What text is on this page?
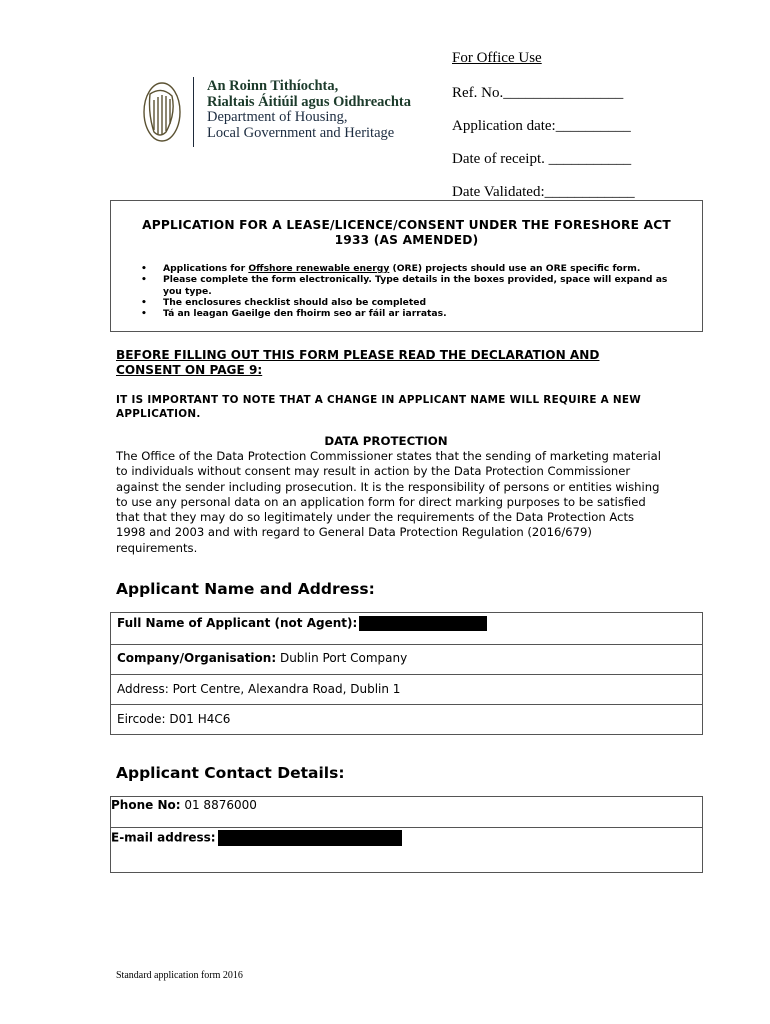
An Roinn Tithíochta,
Rialtais Áitiúil agus Oidhreachta
Department of Housing,
Local Government and Heritage
For Office Use
Ref. No.________________
Application date:__________
Date of receipt. ___________
Date Validated:____________
APPLICATION FOR A LEASE/LICENCE/CONSENT UNDER THE FORESHORE ACT
1933 (AS AMENDED)
• Applications for Offshore renewable energy (ORE) projects should use an ORE specific form.
• Please complete the form electronically. Type details in the boxes provided, space will expand as you type.
• The enclosures checklist should also be completed
• Tá an leagan Gaeilge den fhoirm seo ar fáil ar iarratas.
BEFORE FILLING OUT THIS FORM PLEASE READ THE DECLARATION AND CONSENT ON PAGE 9:
IT IS IMPORTANT TO NOTE THAT A CHANGE IN APPLICANT NAME WILL REQUIRE A NEW APPLICATION.
DATA PROTECTION
The Office of the Data Protection Commissioner states that the sending of marketing material to individuals without consent may result in action by the Data Protection Commissioner against the sender including prosecution. It is the responsibility of persons or entities wishing to use any personal data on an application form for direct marking purposes to be satisfied that that they may do so legitimately under the requirements of the Data Protection Acts 1998 and 2003 and with regard to General Data Protection Regulation (2016/679) requirements.
Applicant Name and Address:
Full Name of Applicant (not Agent):
Company/Organisation: Dublin Port Company
Address: Port Centre, Alexandra Road, Dublin 1
Eircode: D01 H4C6
Applicant Contact Details:
Phone No: 01 8876000
E-mail address:
Standard application form 2016
